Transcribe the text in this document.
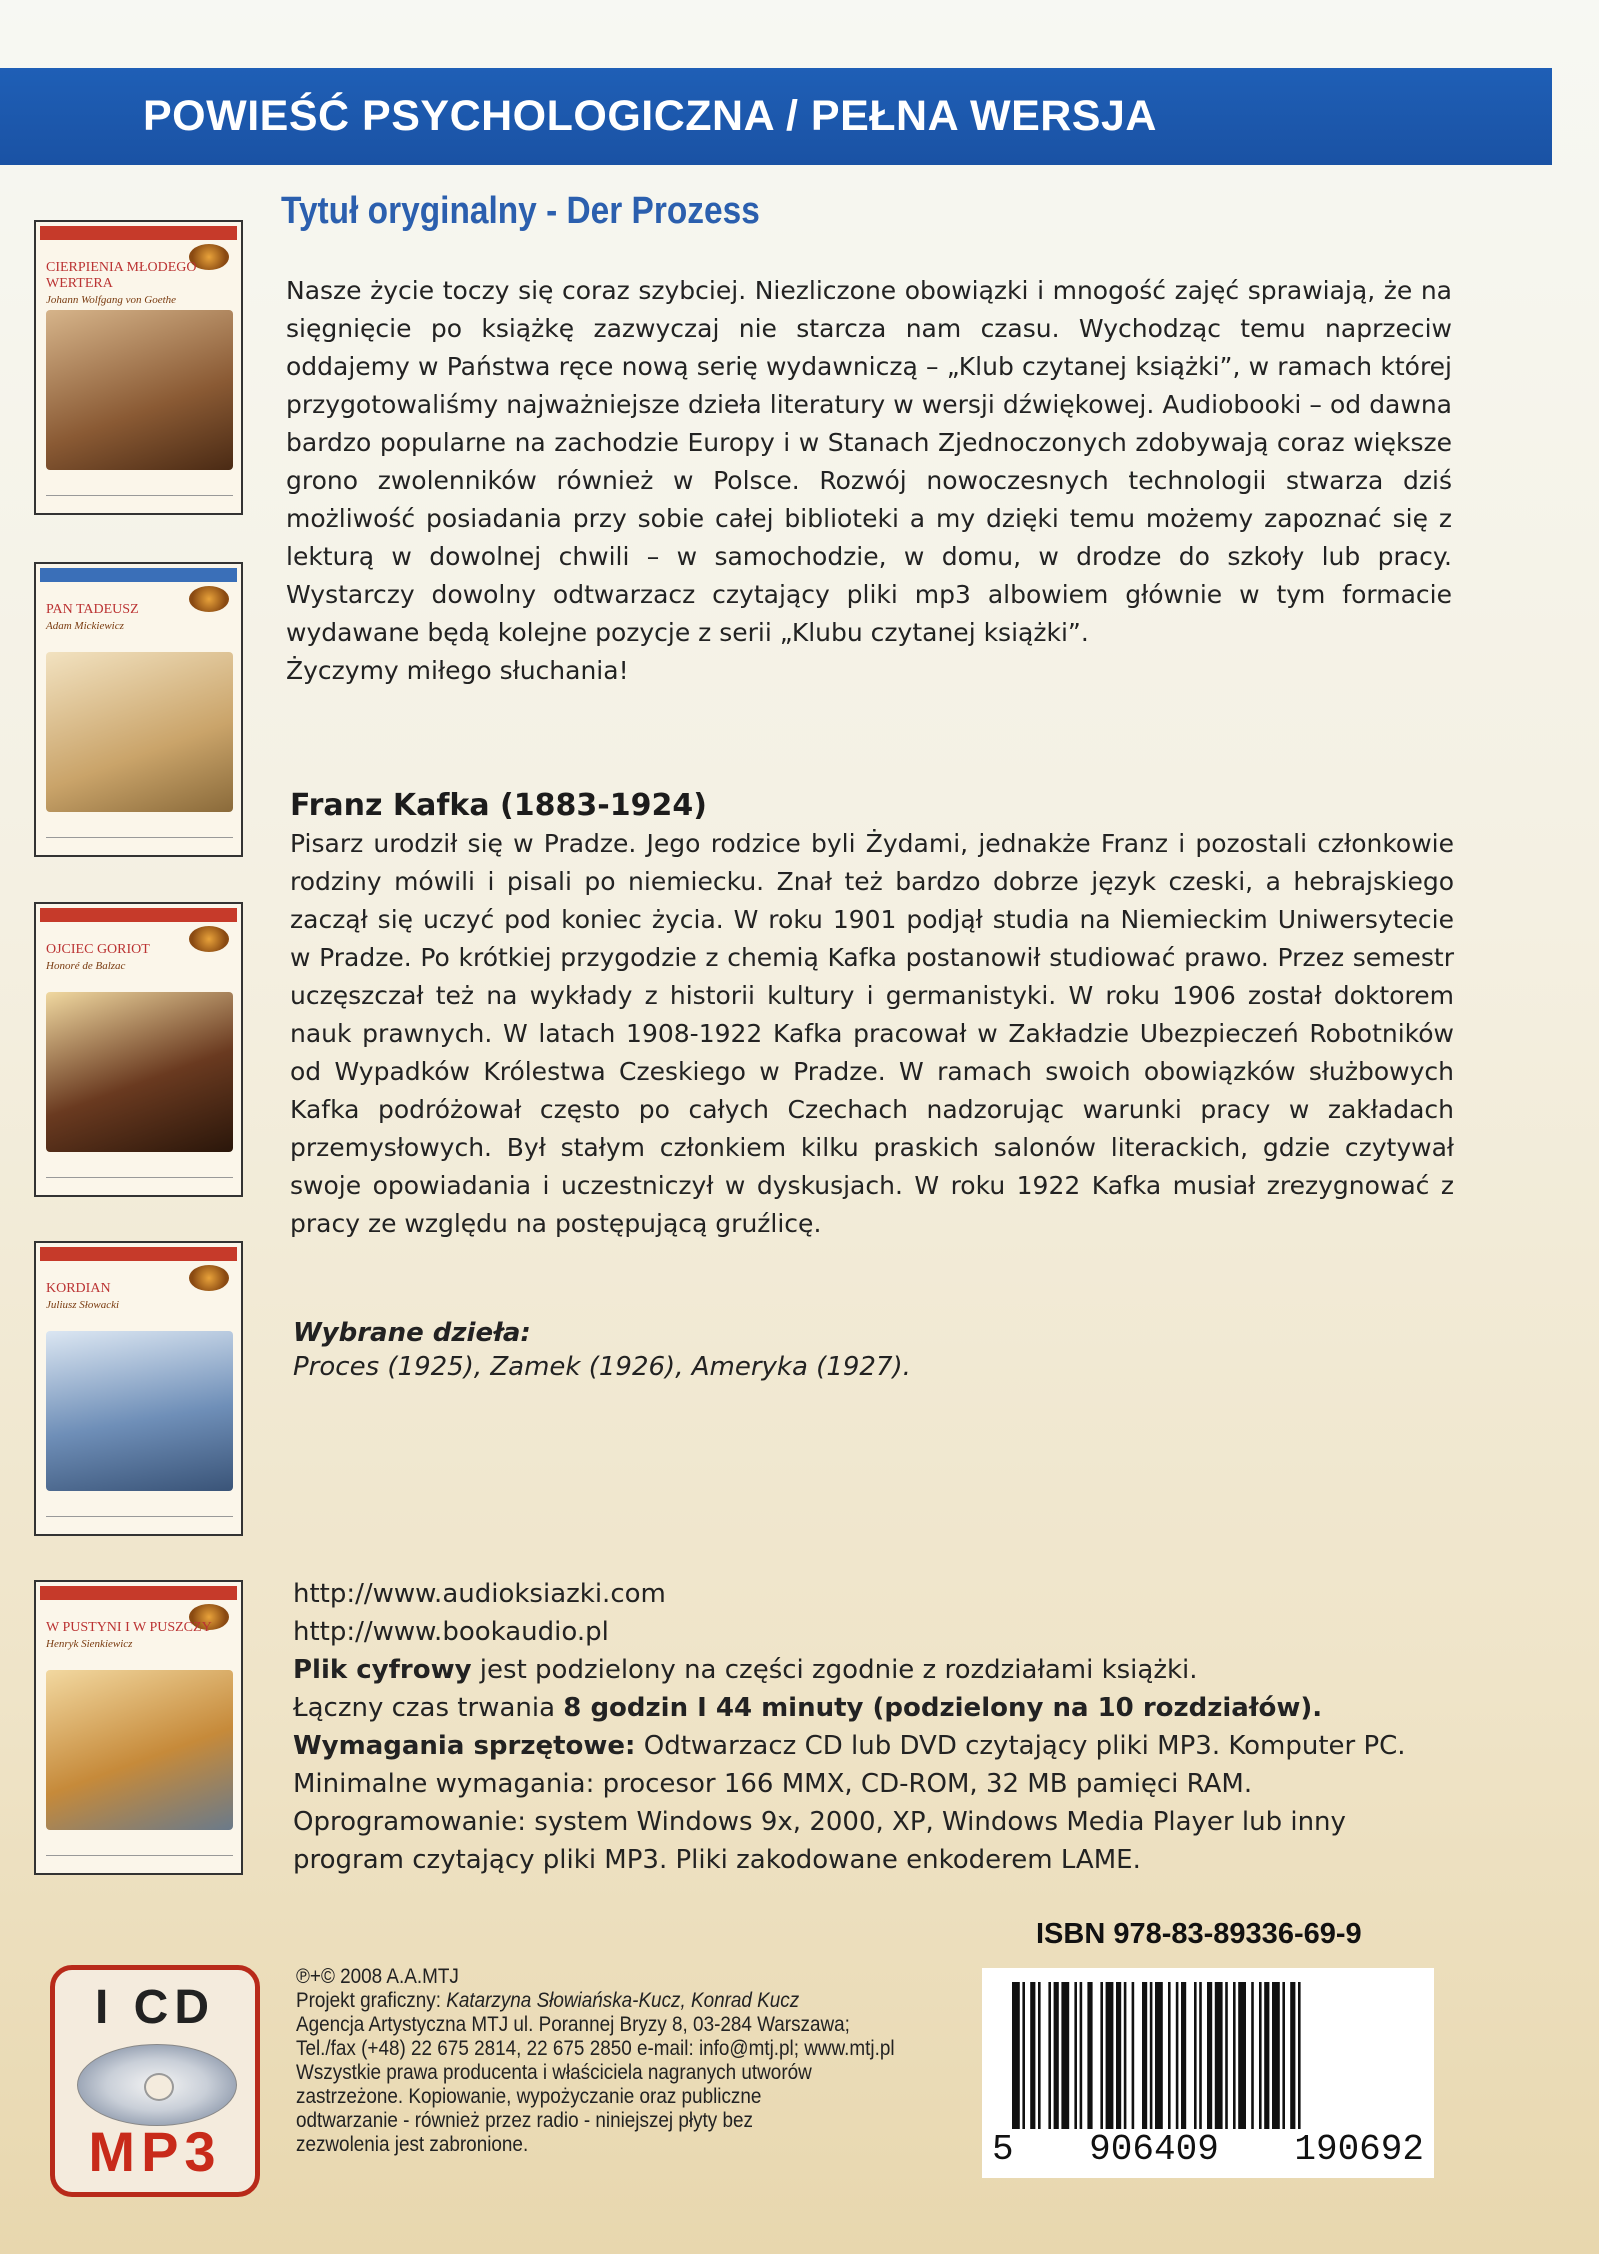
POWIEŚĆ PSYCHOLOGICZNA / PEŁNA WERSJA
Tytuł oryginalny - Der Prozess

Nasze życie toczy się coraz szybciej. Niezliczone obowiązki i mnogość zajęć sprawiają, że na sięgnięcie po książkę zazwyczaj nie starcza nam czasu. Wychodząc temu naprzeciw oddajemy w Państwa ręce nową serię wydawniczą – „Klub czytanej książki”, w ramach której przygotowaliśmy najważniejsze dzieła literatury w wersji dźwiękowej. Audiobooki – od dawna bardzo popularne na zachodzie Europy i w Stanach Zjednoczonych zdobywają coraz większe grono zwolenników również w Polsce. Rozwój nowoczesnych technologii stwarza dziś możliwość posiadania przy sobie całej biblioteki a my dzięki temu możemy zapoznać się z lekturą w dowolnej chwili – w samochodzie, w domu, w drodze do szkoły lub pracy. Wystarczy dowolny odtwarzacz czytający pliki mp3 albowiem głównie w tym formacie wydawane będą kolejne pozycje z serii „Klubu czytanej książki”.

Życzymy miłego słuchania!

Franz Kafka (1883-1924)
Pisarz urodził się w Pradze. Jego rodzice byli Żydami, jednakże Franz i pozostali członkowie rodziny mówili i pisali po niemiecku. Znał też bardzo dobrze język czeski, a hebrajskiego zaczął się uczyć pod koniec życia. W roku 1901 podjął studia na Niemieckim Uniwersytecie w Pradze. Po krótkiej przygodzie z chemią Kafka postanowił studiować prawo. Przez semestr uczęszczał też na wykłady z historii kultury i germanistyki. W roku 1906 został doktorem nauk prawnych. W latach 1908-1922 Kafka pracował w Zakładzie Ubezpieczeń Robotników od Wypadków Królestwa Czeskiego w Pradze. W ramach swoich obowiązków służbowych Kafka podróżował często po całych Czechach nadzorując warunki pracy w zakładach przemysłowych. Był stałym członkiem kilku praskich salonów literackich, gdzie czytywał swoje opowiadania i uczestniczył w dyskusjach. W roku 1922 Kafka musiał zrezygnować z pracy ze względu na postępującą gruźlicę.
Wybrane dzieła:
Proces (1925), Zamek (1926), Ameryka (1927).
http://www.audioksiazki.com
http://www.bookaudio.pl
Plik cyfrowy jest podzielony na części zgodnie z rozdziałami książki.
Łączny czas trwania 8 godzin I 44 minuty (podzielony na 10 rozdziałów).
Wymagania sprzętowe: Odtwarzacz CD lub DVD czytający pliki MP3. Komputer PC.
Minimalne wymagania: procesor 166 MMX, CD-ROM, 32 MB pamięci RAM.
Oprogramowanie: system Windows 9x, 2000, XP, Windows Media Player lub inny
program czytający pliki MP3. Pliki zakodowane enkoderem LAME.
ISBN 978-83-89336-69-9
℗+© 2008 A.A.MTJ
Projekt graficzny: Katarzyna Słowiańska-Kucz, Konrad Kucz
Agencja Artystyczna MTJ ul. Porannej Bryzy 8, 03-284 Warszawa;
Tel./fax (+48) 22 675 2814, 22 675 2850 e-mail: info@mtj.pl; www.mtj.pl
Wszystkie prawa producenta i właściciela nagranych utworów
zastrzeżone. Kopiowanie, wypożyczanie oraz publiczne
odtwarzanie - również przez radio - niniejszej płyty bez
zezwolenia jest zabronione.	5 906409 190692
I CD
MP3
CIERPIENIA MŁODEGO WERTERA
Johann Wolfgang von Goethe
PAN TADEUSZ
Adam Mickiewicz
OJCIEC GORIOT
Honoré de Balzac
KORDIAN
Juliusz Słowacki
W PUSTYNI I W PUSZCZY
Henryk Sienkiewicz
